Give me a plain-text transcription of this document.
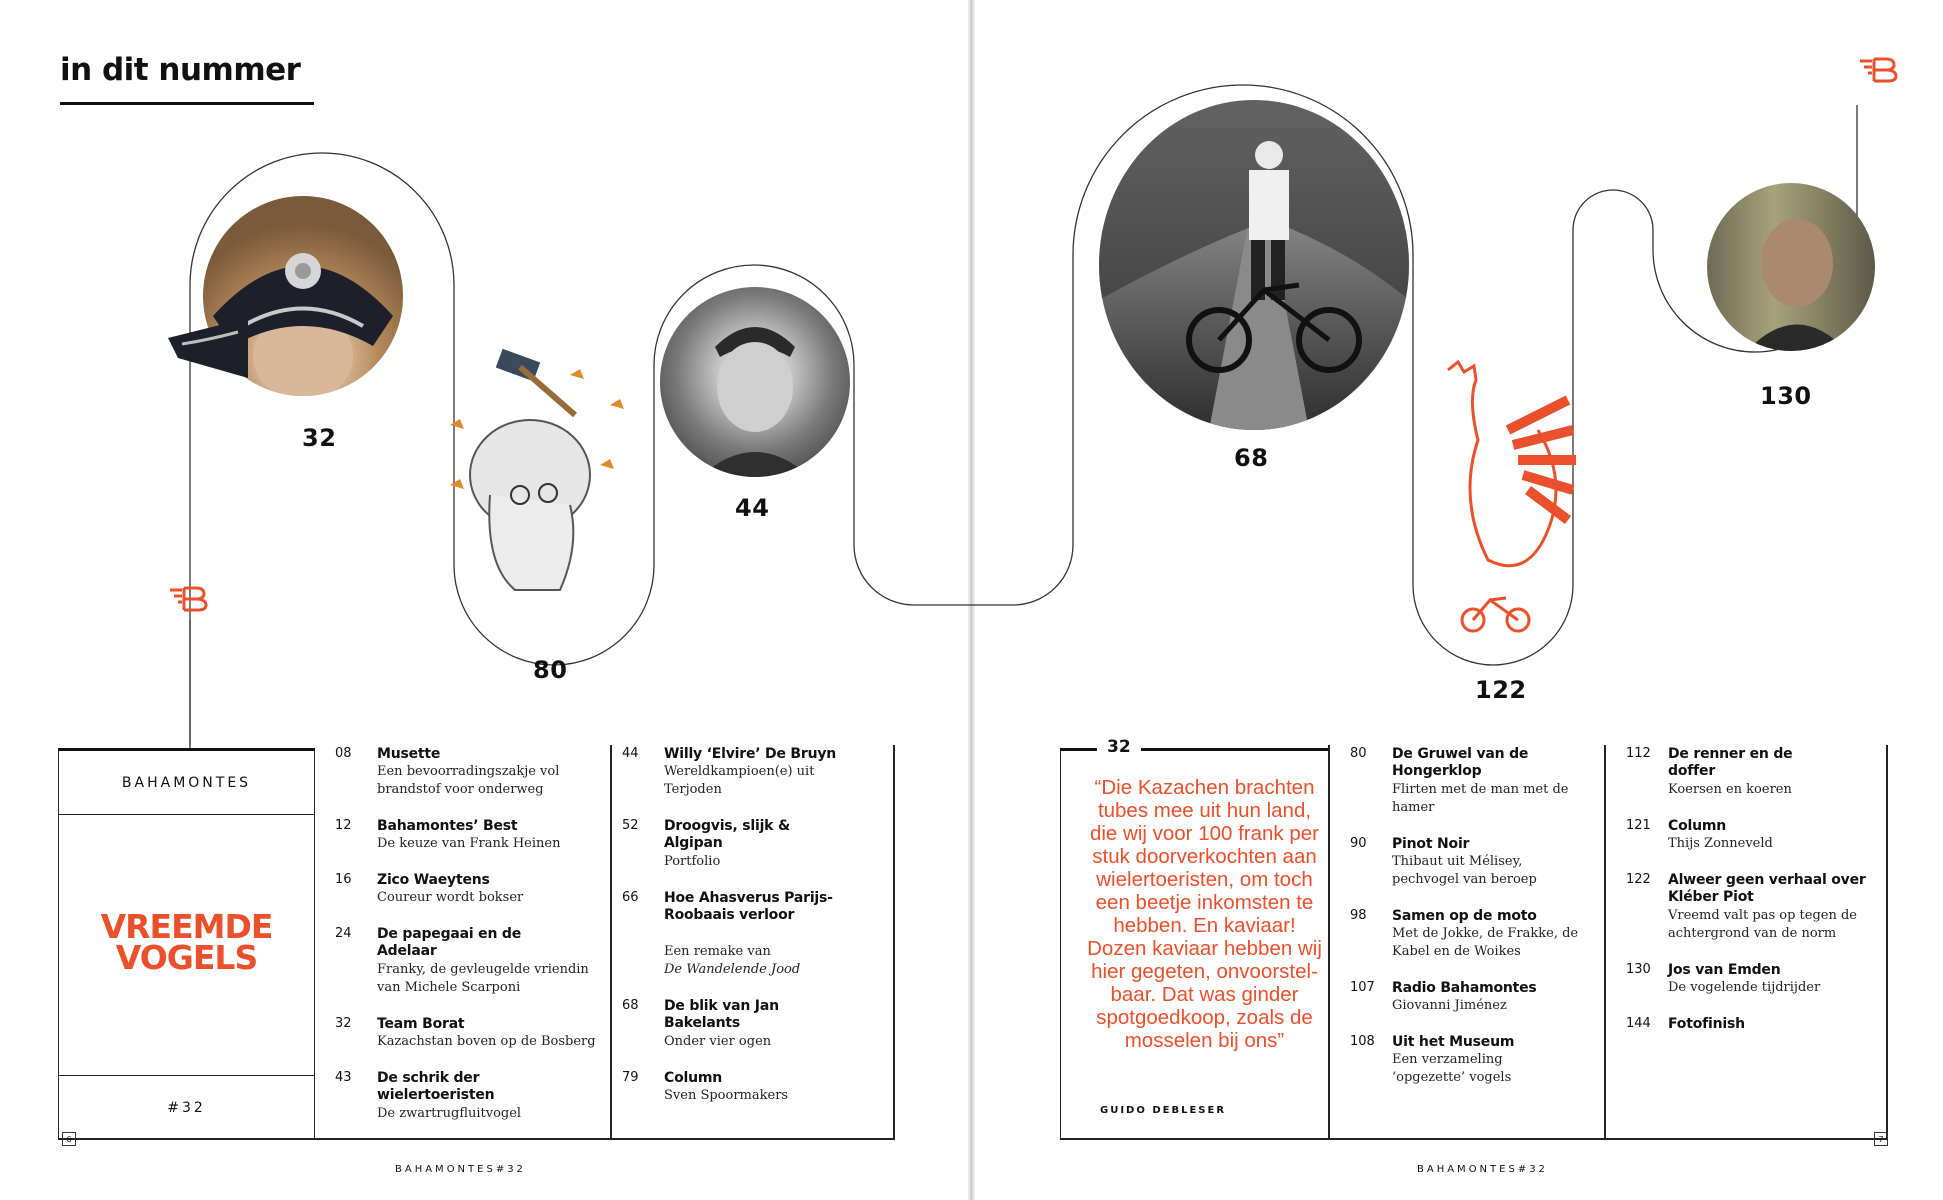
in dit nummer
32
80
44
68
122
130
BAHAMONTES
VREEMDE
VOGELS
#32
08 Musette
Een bevoorradingszakje vol brandstof voor onderweg
12 Bahamontes’ Best
De keuze van Frank Heinen
16 Zico Waeytens
Coureur wordt bokser
24 De papegaai en de Adelaar
Franky, de gevleugelde vriendin van Michele Scarponi
32 Team Borat
Kazachstan boven op de Bosberg
43 De schrik der wielertoeristen
De zwartrugfluitvogel
44 Willy ‘Elvire’ De Bruyn
Wereldkampioen(e) uit Terjoden
52 Droogvis, slijk & Algipan
Portfolio
66 Hoe Ahasverus Parijs-Roobaais verloor
Een remake van
De Wandelende Jood
68 De blik van Jan Bakelants
Onder vier ogen
79 Column
Sven Spoormakers
32
“Die Kazachen brachten tubes mee uit hun land, die wij voor 100 frank per stuk doorverkochten aan wielertoeristen, om toch een beetje inkomsten te hebben. En kaviaar! Dozen kaviaar hebben wij hier gegeten, onvoorstel-baar. Dat was ginder spotgoedkoop, zoals de mosselen bij ons”
GUIDO DEBLESER
80 De Gruwel van de Hongerklop
Flirten met de man met de hamer
90 Pinot Noir
Thibaut uit Mélisey, pechvogel van beroep
98 Samen op de moto
Met de Jokke, de Frakke, de Kabel en de Woikes
107 Radio Bahamontes
Giovanni Jiménez
108 Uit het Museum
Een verzameling ‘opgezette’ vogels
112 De renner en de doffer
Koersen en koeren
121 Column
Thijs Zonneveld
122 Alweer geen verhaal over Kléber Piot
Vreemd valt pas op tegen de achtergrond van de norm
130 Jos van Emden
De vogelende tijdrijder
144 Fotofinish
6	7
BAHAMONTES#32	BAHAMONTES#32
